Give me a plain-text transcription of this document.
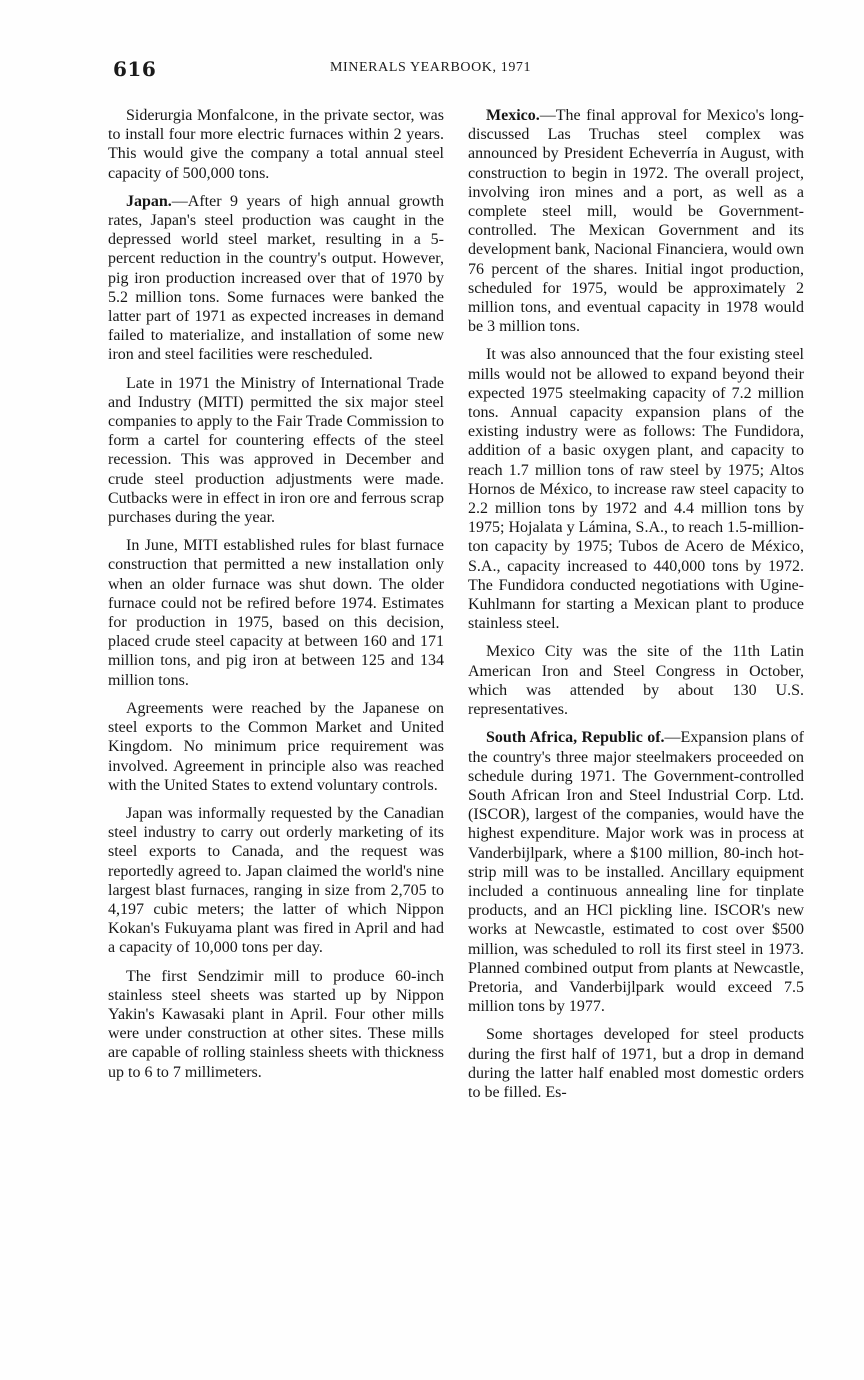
616	MINERALS YEARBOOK, 1971

Siderurgia Monfalcone, in the private sector, was to install four more electric furnaces within 2 years. This would give the company a total annual steel capacity of 500,000 tons.

Japan.—After 9 years of high annual growth rates, Japan's steel production was caught in the depressed world steel market, resulting in a 5-percent reduction in the country's output. However, pig iron production increased over that of 1970 by 5.2 million tons. Some furnaces were banked the latter part of 1971 as expected increases in demand failed to materialize, and installation of some new iron and steel facilities were rescheduled.

Late in 1971 the Ministry of International Trade and Industry (MITI) permitted the six major steel companies to apply to the Fair Trade Commission to form a cartel for countering effects of the steel recession. This was approved in December and crude steel production adjustments were made. Cutbacks were in effect in iron ore and ferrous scrap purchases during the year.

In June, MITI established rules for blast furnace construction that permitted a new installation only when an older furnace was shut down. The older furnace could not be refired before 1974. Estimates for production in 1975, based on this decision, placed crude steel capacity at between 160 and 171 million tons, and pig iron at between 125 and 134 million tons.

Agreements were reached by the Japanese on steel exports to the Common Market and United Kingdom. No minimum price requirement was involved. Agreement in principle also was reached with the United States to extend voluntary controls.

Japan was informally requested by the Canadian steel industry to carry out orderly marketing of its steel exports to Canada, and the request was reportedly agreed to. Japan claimed the world's nine largest blast furnaces, ranging in size from 2,705 to 4,197 cubic meters; the latter of which Nippon Kokan's Fukuyama plant was fired in April and had a capacity of 10,000 tons per day.

The first Sendzimir mill to produce 60-inch stainless steel sheets was started up by Nippon Yakin's Kawasaki plant in April. Four other mills were under construction at other sites. These mills are capable of rolling stainless sheets with thickness up to 6 to 7 millimeters.

Mexico.—The final approval for Mexico's long-discussed Las Truchas steel complex was announced by President Echeverría in August, with construction to begin in 1972. The overall project, involving iron mines and a port, as well as a complete steel mill, would be Government-controlled. The Mexican Government and its development bank, Nacional Financiera, would own 76 percent of the shares. Initial ingot production, scheduled for 1975, would be approximately 2 million tons, and eventual capacity in 1978 would be 3 million tons.

It was also announced that the four existing steel mills would not be allowed to expand beyond their expected 1975 steelmaking capacity of 7.2 million tons. Annual capacity expansion plans of the existing industry were as follows: The Fundidora, addition of a basic oxygen plant, and capacity to reach 1.7 million tons of raw steel by 1975; Altos Hornos de México, to increase raw steel capacity to 2.2 million tons by 1972 and 4.4 million tons by 1975; Hojalata y Lámina, S.A., to reach 1.5-million-ton capacity by 1975; Tubos de Acero de México, S.A., capacity increased to 440,000 tons by 1972. The Fundidora conducted negotiations with Ugine-Kuhlmann for starting a Mexican plant to produce stainless steel.

Mexico City was the site of the 11th Latin American Iron and Steel Congress in October, which was attended by about 130 U.S. representatives.

South Africa, Republic of.—Expansion plans of the country's three major steelmakers proceeded on schedule during 1971. The Government-controlled South African Iron and Steel Industrial Corp. Ltd. (ISCOR), largest of the companies, would have the highest expenditure. Major work was in process at Vanderbijlpark, where a $100 million, 80-inch hot-strip mill was to be installed. Ancillary equipment included a continuous annealing line for tinplate products, and an HCl pickling line. ISCOR's new works at Newcastle, estimated to cost over $500 million, was scheduled to roll its first steel in 1973. Planned combined output from plants at Newcastle, Pretoria, and Vanderbijlpark would exceed 7.5 million tons by 1977.

Some shortages developed for steel products during the first half of 1971, but a drop in demand during the latter half enabled most domestic orders to be filled. Es-
